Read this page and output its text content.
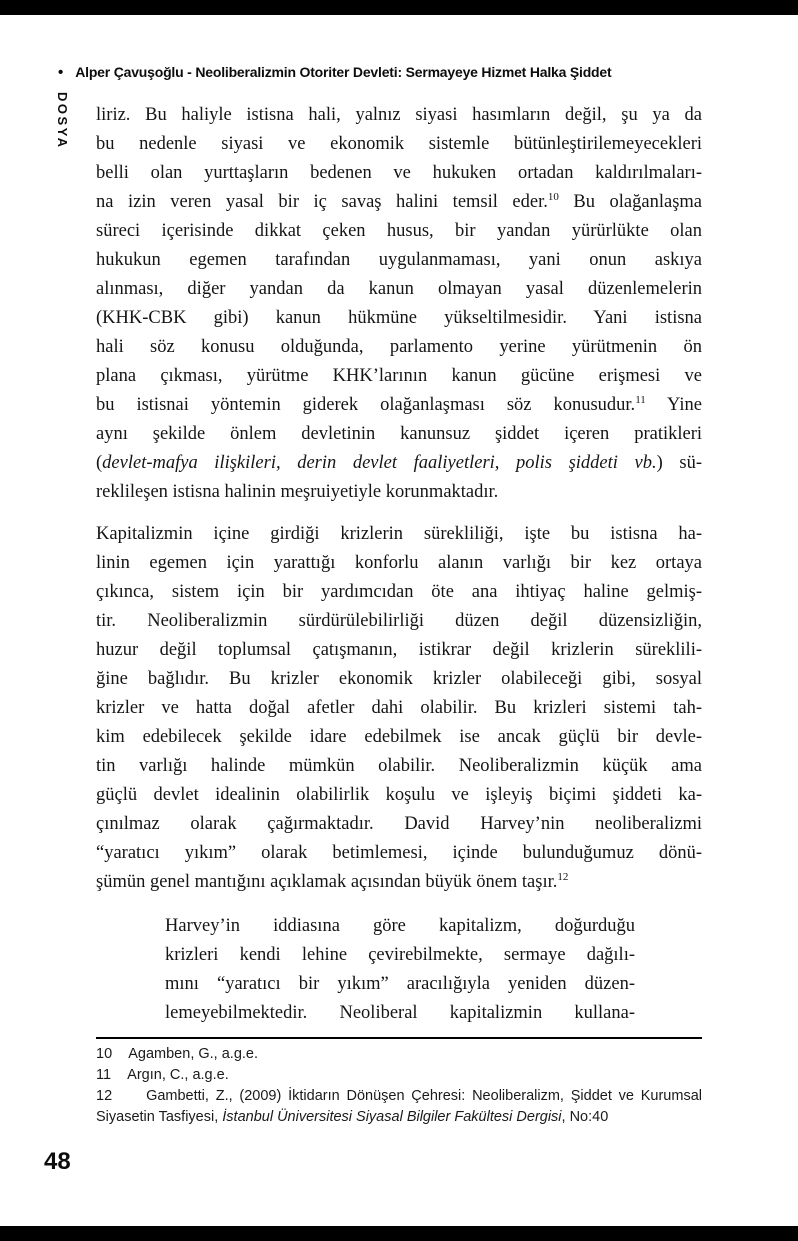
• Alper Çavuşoğlu - Neoliberalizmin Otoriter Devleti: Sermayeye Hizmet Halka Şiddet
DOSYA liriz. Bu haliyle istisna hali, yalnız siyasi hasımların değil, şu ya da
bu nedenle siyasi ve ekonomik sistemle bütünleştirilemeyecekleri
belli olan yurttaşların bedenen ve hukuken ortadan kaldırılmaları-
na izin veren yasal bir iç savaş halini temsil eder.$^{10}$ Bu olağanlaşma
süreci içerisinde dikkat çeken husus, bir yandan yürürlükte olan
hukukun egemen tarafından uygulanmaması, yani onun askıya
alınması, diğer yandan da kanun olmayan yasal düzenlemelerin
(KHK-CBK gibi) kanun hükmüne yükseltilmesidir. Yani istisna
hali söz konusu olduğunda, parlamento yerine yürütmenin ön
plana çıkması, yürütme KHK’larının kanun gücüne erişmesi ve
bu istisnai yöntemin giderek olağanlaşması söz konusudur.$^{11}$ Yine
aynı şekilde önlem devletinin kanunsuz şiddet içeren pratikleri
(devlet-mafya ilişkileri, derin devlet faaliyetleri, polis şiddeti vb.) sü-
reklileşen istisna halinin meşruiyetiyle korunmaktadır.
Kapitalizmin içine girdiği krizlerin sürekliliği, işte bu istisna ha-
linin egemen için yarattığı konforlu alanın varlığı bir kez ortaya
çıkınca, sistem için bir yardımcıdan öte ana ihtiyaç haline gelmiş-
tir. Neoliberalizmin sürdürülebilirliği düzen değil düzensizliğin,
huzur değil toplumsal çatışmanın, istikrar değil krizlerin süreklili-
ğine bağlıdır. Bu krizler ekonomik krizler olabileceği gibi, sosyal
krizler ve hatta doğal afetler dahi olabilir. Bu krizleri sistemi tah-
kim edebilecek şekilde idare edebilmek ise ancak güçlü bir devle-
tin varlığı halinde mümkün olabilir. Neoliberalizmin küçük ama
güçlü devlet idealinin olabilirlik koşulu ve işleyiş biçimi şiddeti ka-
çınılmaz olarak çağırmaktadır. David Harvey’nin neoliberalizmi
“yaratıcı yıkım” olarak betimlemesi, içinde bulunduğumuz dönü-
şümün genel mantığını açıklamak açısından büyük önem taşır.$^{12}$
Harvey’in iddiasına göre kapitalizm, doğurduğu
krizleri kendi lehine çevirebilmekte, sermaye dağılı-
mını “yaratıcı bir yıkım” aracılığıyla yeniden düzen-
lemeyebilmektedir. Neoliberal kapitalizmin kullana-
10    Agamben, G., a.g.e.
11    Argın, C., a.g.e.
12     Gambetti, Z., (2009) İktidarın Dönüşen Çehresi: Neoliberalizm, Şiddet ve Kurumsal
Siyasetin Tasfiyesi, İstanbul Üniversitesi Siyasal Bilgiler Fakültesi Dergisi, No:40
48
